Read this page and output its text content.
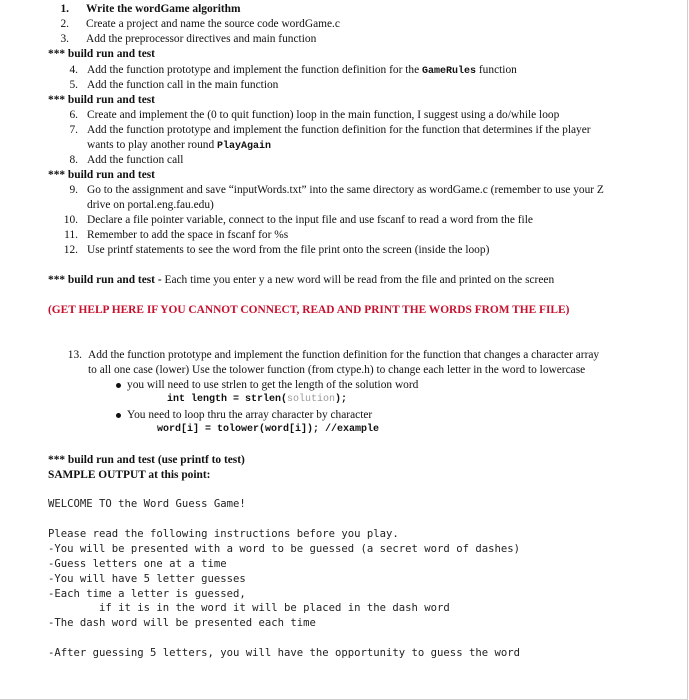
1. Write the wordGame algorithm
2. Create a project and name the source code wordGame.c
3. Add the preprocessor directives and main function
*** build run and test
4. Add the function prototype and implement the function definition for the GameRules function
5. Add the function call in the main function
*** build run and test
6. Create and implement the (0 to quit function) loop in the main function, I suggest using a do/while loop
7. Add the function prototype and implement the function definition for the function that determines if the player
wants to play another round PlayAgain
8. Add the function call
*** build run and test
9. Go to the assignment and save “inputWords.txt” into the same directory as wordGame.c (remember to use your Z
drive on portal.eng.fau.edu)
10. Declare a file pointer variable, connect to the input file and use fscanf to read a word from the file
11. Remember to add the space in fscanf for %s
12. Use printf statements to see the word from the file print onto the screen (inside the loop)
*** build run and test - Each time you enter y a new word will be read from the file and printed on the screen
(GET HELP HERE IF YOU CANNOT CONNECT, READ AND PRINT THE WORDS FROM THE FILE)
13. Add the function prototype and implement the function definition for the function that changes a character array
to all one case (lower) Use the tolower function (from ctype.h) to change each letter in the word to lowercase
you will need to use strlen to get the length of the solution word
int length = strlen(solution);
You need to loop thru the array character by character
word[i] = tolower(word[i]); //example
*** build run and test (use printf to test)
SAMPLE OUTPUT at this point:
WELCOME TO the Word Guess Game!
Please read the following instructions before you play.
-You will be presented with a word to be guessed (a secret word of dashes)
-Guess letters one at a time
-You will have 5 letter guesses
-Each time a letter is guessed,
if it is in the word it will be placed in the dash word
-The dash word will be presented each time
-After guessing 5 letters, you will have the opportunity to guess the word
